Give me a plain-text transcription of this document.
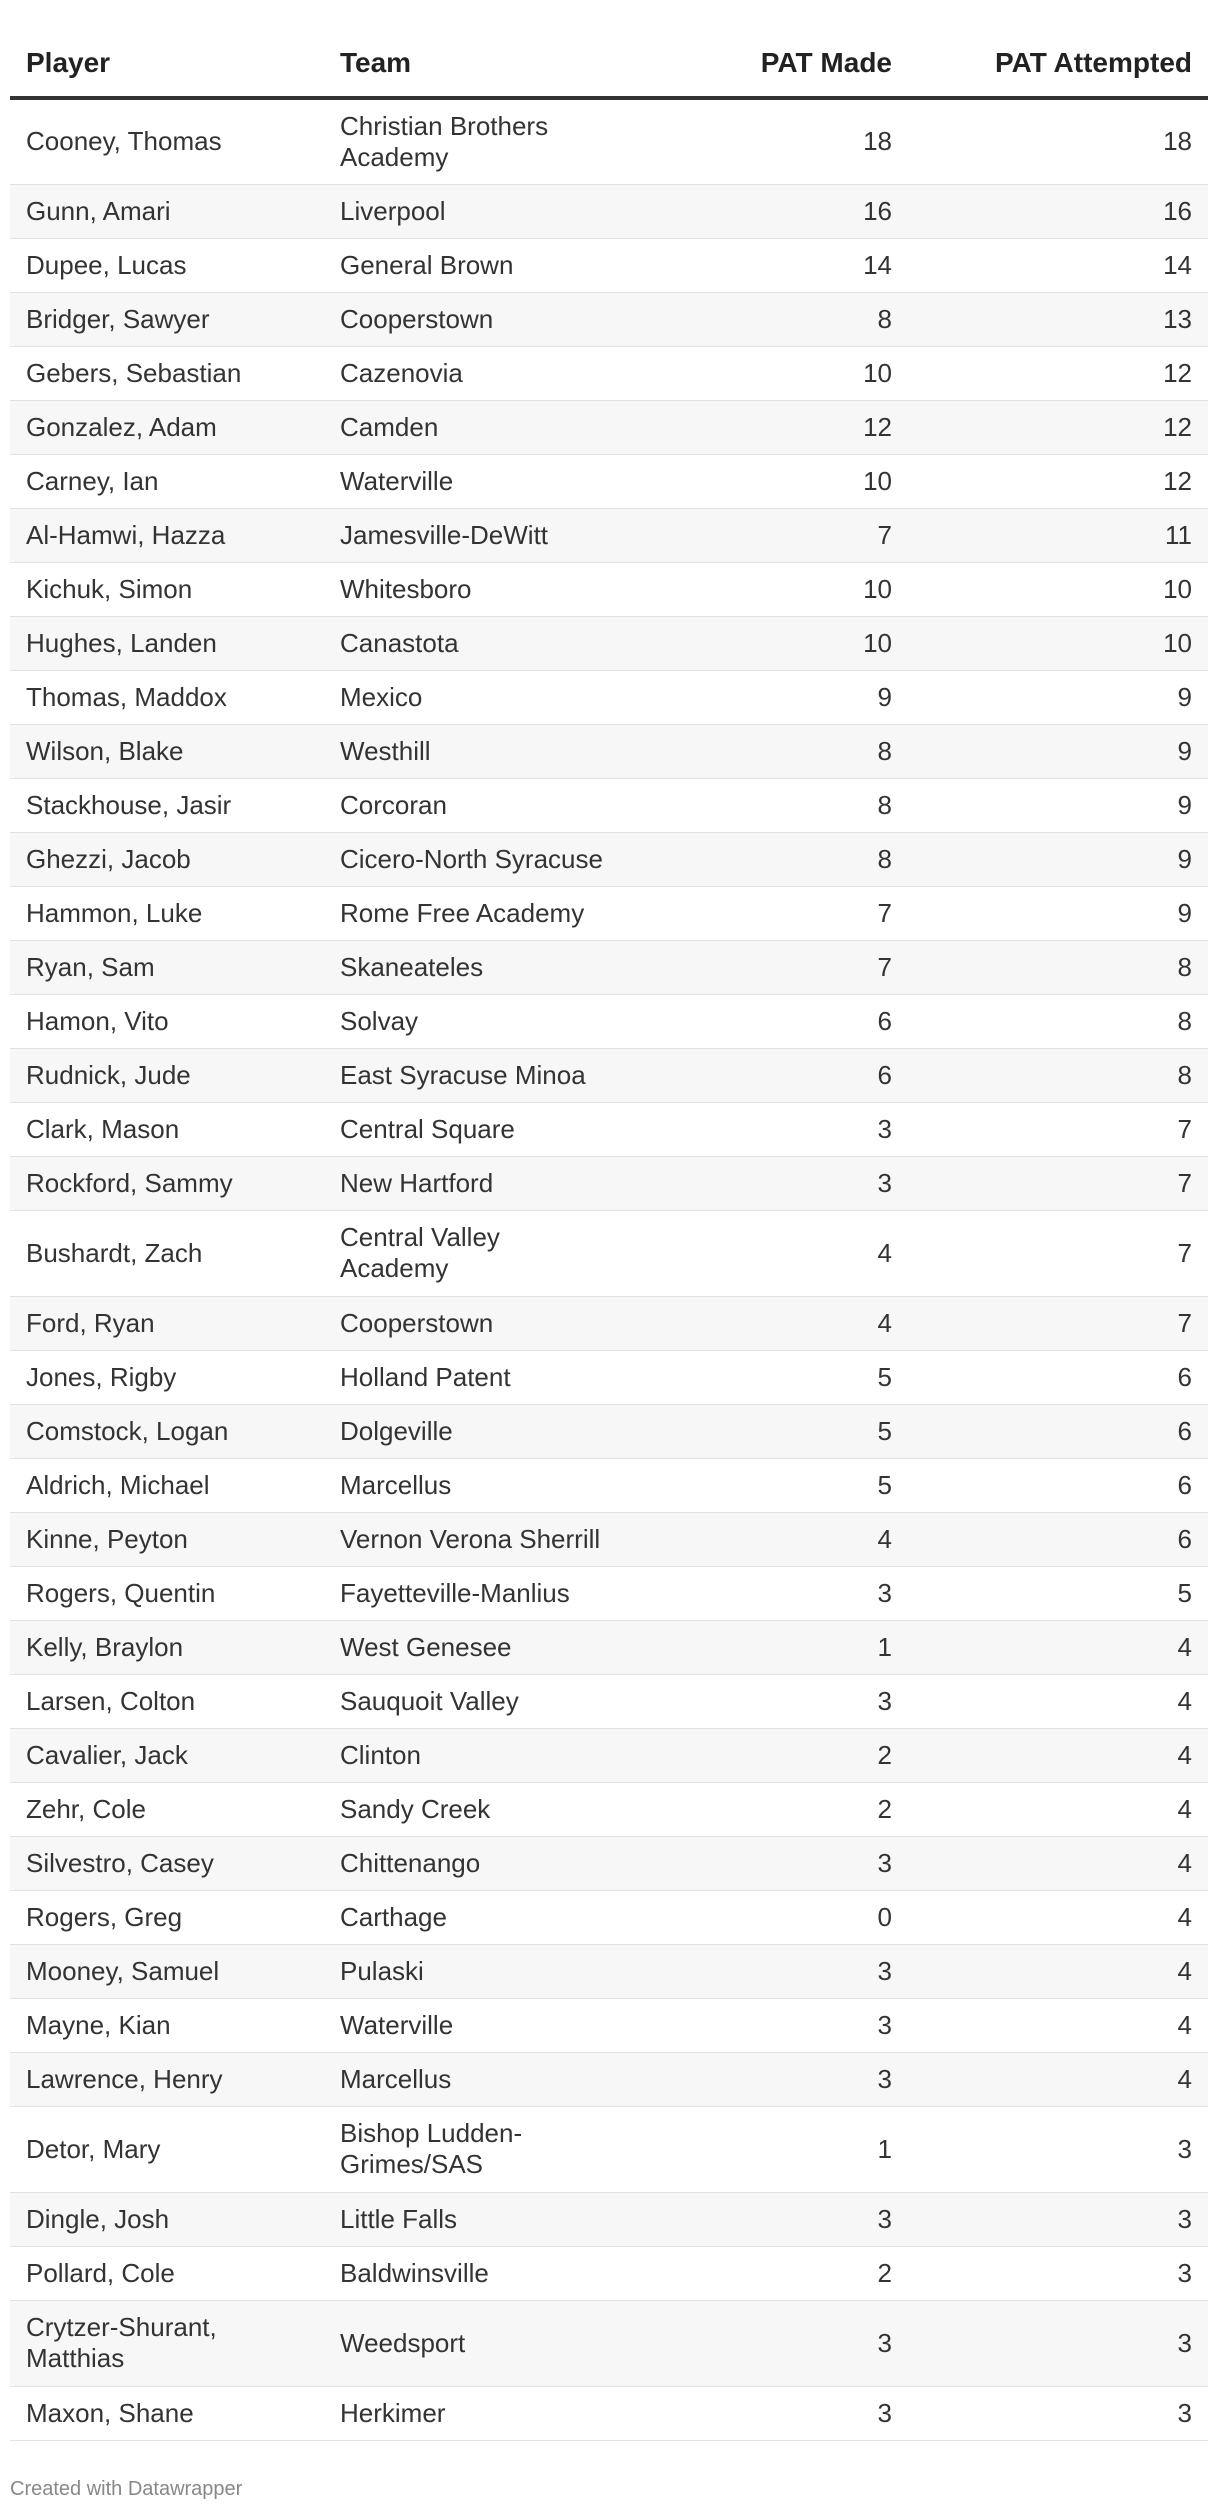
Player	Team	PAT Made	PAT Attempted
Cooney, Thomas	Christian Brothers Academy	18	18
Gunn, Amari	Liverpool	16	16
Dupee, Lucas	General Brown	14	14
Bridger, Sawyer	Cooperstown	8	13
Gebers, Sebastian	Cazenovia	10	12
Gonzalez, Adam	Camden	12	12
Carney, Ian	Waterville	10	12
Al-Hamwi, Hazza	Jamesville-DeWitt	7	11
Kichuk, Simon	Whitesboro	10	10
Hughes, Landen	Canastota	10	10
Thomas, Maddox	Mexico	9	9
Wilson, Blake	Westhill	8	9
Stackhouse, Jasir	Corcoran	8	9
Ghezzi, Jacob	Cicero-North Syracuse	8	9
Hammon, Luke	Rome Free Academy	7	9
Ryan, Sam	Skaneateles	7	8
Hamon, Vito	Solvay	6	8
Rudnick, Jude	East Syracuse Minoa	6	8
Clark, Mason	Central Square	3	7
Rockford, Sammy	New Hartford	3	7
Bushardt, Zach	Central Valley Academy	4	7
Ford, Ryan	Cooperstown	4	7
Jones, Rigby	Holland Patent	5	6
Comstock, Logan	Dolgeville	5	6
Aldrich, Michael	Marcellus	5	6
Kinne, Peyton	Vernon Verona Sherrill	4	6
Rogers, Quentin	Fayetteville-Manlius	3	5
Kelly, Braylon	West Genesee	1	4
Larsen, Colton	Sauquoit Valley	3	4
Cavalier, Jack	Clinton	2	4
Zehr, Cole	Sandy Creek	2	4
Silvestro, Casey	Chittenango	3	4
Rogers, Greg	Carthage	0	4
Mooney, Samuel	Pulaski	3	4
Mayne, Kian	Waterville	3	4
Lawrence, Henry	Marcellus	3	4
Detor, Mary	Bishop Ludden-Grimes/SAS	1	3
Dingle, Josh	Little Falls	3	3
Pollard, Cole	Baldwinsville	2	3
Crytzer-Shurant, Matthias	Weedsport	3	3
Maxon, Shane	Herkimer	3	3
Created with Datawrapper
